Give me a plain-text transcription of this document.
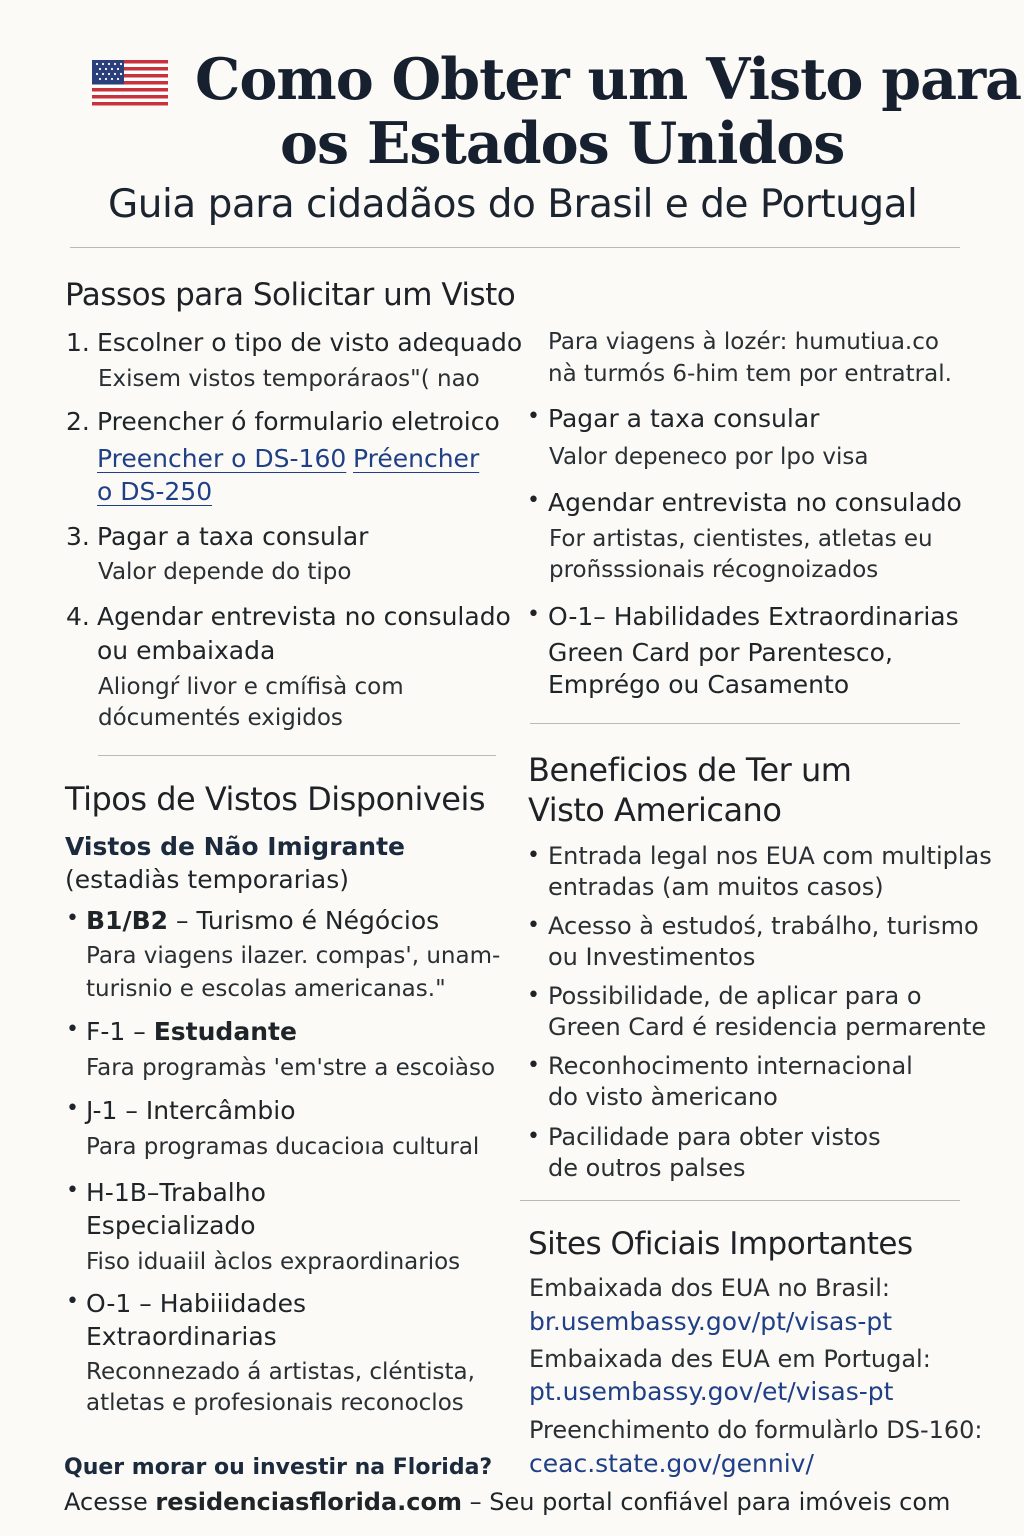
Como Obter um Visto para
os Estados Unidos
Guia para cidadãos do Brasil e de Portugal
Passos para Solicitar um Visto
1. Escolner o tipo de visto adequado
Exisem vistos temporáraos"( nao
2. Preencher ó formulario eletroico
Preencher o DS-160 Préencher
o DS-250
3. Pagar a taxa consular
Valor depende do tipo
4. Agendar entrevista no consulado
ou embaixada
Aliongŕ livor e cmífisà com
dócumentés exigidos
Para viagens à lozér: humutiua.co
nà turmós 6-him tem por entratral.
• Pagar a taxa consular
Valor depeneco por lpo visa
• Agendar entrevista no consulado
For artistas, cientistes, atletas eu
proñsssionais récognoizados
• O-1– Habilidades Extraordinarias
Green Card por Parentesco,
Emprégo ou Casamento
Tipos de Vistos Disponiveis
Vistos de Não Imigrante
(estadiàs temporarias)
• B1/B2 – Turismo é Négócios
Para viagens ilazer. compas', unam-
turisnio e escolas americanas."
• F-1 – Estudante
Fara programàs 'em'stre a escoiàso
• J-1 – Intercâmbio
Para programas ducacioıa cultural
• H-1B–Trabalho
Especializado
Fiso iduaiil àclos expraordinarios
• O-1 – Habiiidades
Extraordinarias
Reconnezado á artistas, cléntista,
atletas e profesionais reconoclos
Beneficios de Ter um
Visto Americano
• Entrada legal nos EUA com multiplas
entradas (am muitos casos)
• Acesso à estudoś, trabálho, turismo
ou Investimentos
• Possibilidade, de aplicar para o
Green Card é residencia permarente
• Reconhocimento internacional
do visto àmericano
• Pacilidade para obter vistos
de outros palses
Sites Oficiais Importantes
Embaixada dos EUA no Brasil:
br.usembassy.gov/pt/visas-pt
Embaixada des EUA em Portugal:
pt.usembassy.gov/et/visas-pt
Preenchimento do formulàrlo DS-160:
ceac.state.gov/genniv/
Quer morar ou investir na Florida?
Acesse residenciasflorida.com – Seu portal confiável para imóveis com
